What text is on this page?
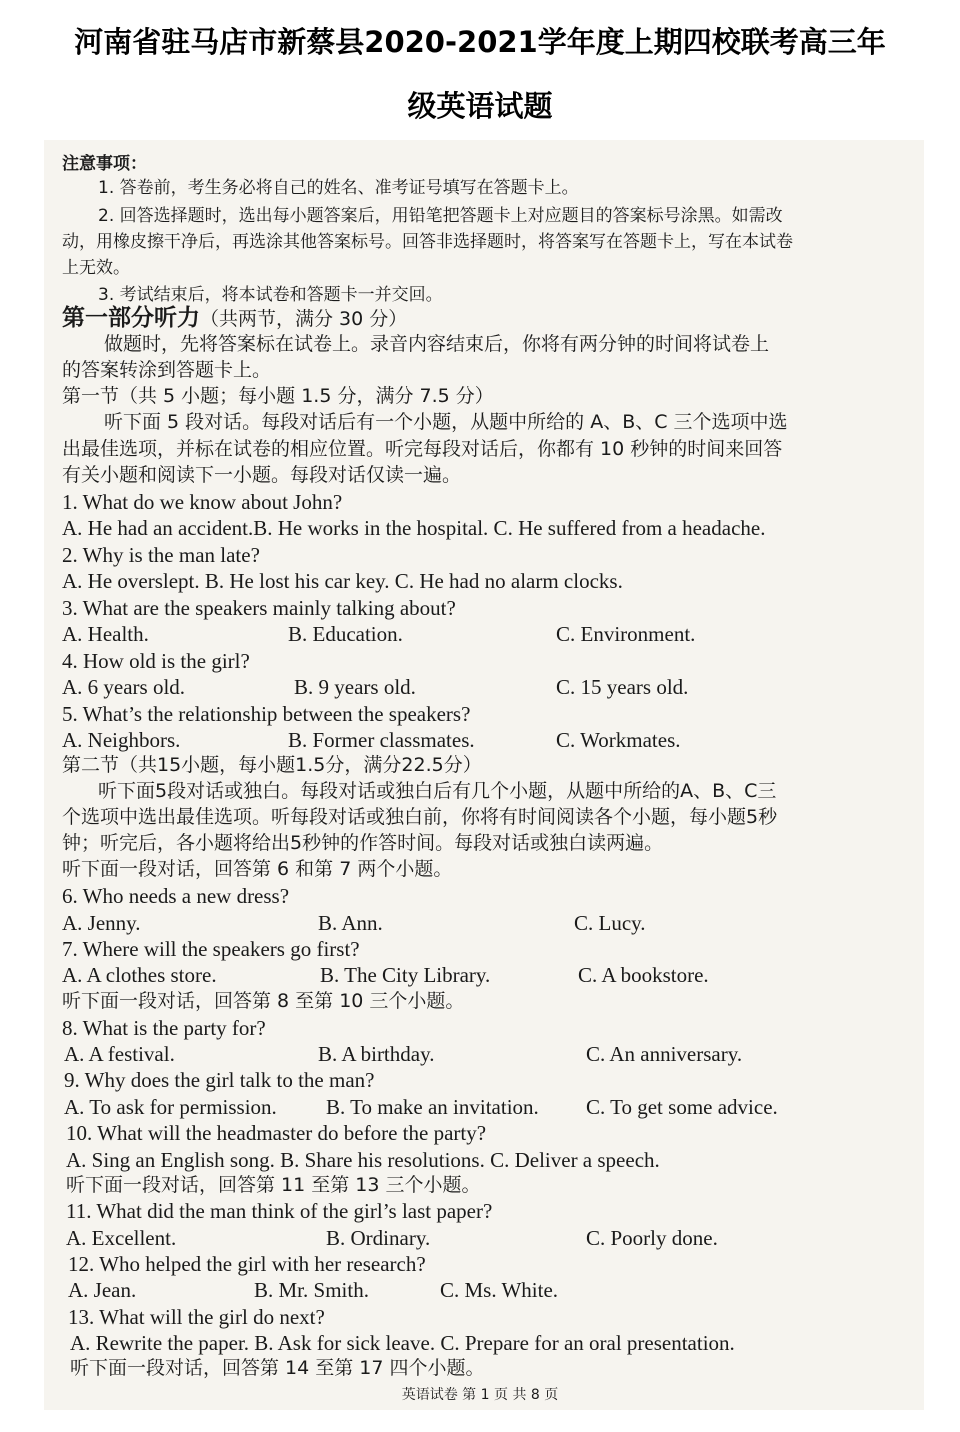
河南省驻马店市新蔡县2020-2021学年度上期四校联考高三年
级英语试题
注意事项：
1. 答卷前，考生务必将自己的姓名、准考证号填写在答题卡上。
2. 回答选择题时，选出每小题答案后，用铅笔把答题卡上对应题目的答案标号涂黑。如需改
动，用橡皮擦干净后，再选涂其他答案标号。回答非选择题时，将答案写在答题卡上，写在本试卷
上无效。
3. 考试结束后，将本试卷和答题卡一并交回。
第一部分听力（共两节，满分 30 分）
做题时，先将答案标在试卷上。录音内容结束后，你将有两分钟的时间将试卷上
的答案转涂到答题卡上。
第一节（共 5 小题；每小题 1.5 分，满分 7.5 分）
听下面 5 段对话。每段对话后有一个小题，从题中所给的 A、B、C 三个选项中选
出最佳选项，并标在试卷的相应位置。听完每段对话后，你都有 10 秒钟的时间来回答
有关小题和阅读下一小题。每段对话仅读一遍。
1. What do we know about John?
A. He had an accident.B. He works in the hospital. C. He suffered from a headache.
2. Why is the man late?
A. He overslept. B. He lost his car key. C. He had no alarm clocks.
3. What are the speakers mainly talking about?
A. Health.	B. Education.	C. Environment.
4. How old is the girl?
A. 6 years old.	B. 9 years old.	C. 15 years old.
5. What’s the relationship between the speakers?
A. Neighbors.	B. Former classmates.	C. Workmates.
第二节（共15小题，每小题1.5分，满分22.5分）
听下面5段对话或独白。每段对话或独白后有几个小题，从题中所给的A、B、C三
个选项中选出最佳选项。听每段对话或独白前，你将有时间阅读各个小题，每小题5秒
钟；听完后，各小题将给出5秒钟的作答时间。每段对话或独白读两遍。
听下面一段对话，回答第 6 和第 7 两个小题。
6. Who needs a new dress?
A. Jenny.	B. Ann.	C. Lucy.
7. Where will the speakers go first?
A. A clothes store.	B. The City Library.	C. A bookstore.
听下面一段对话，回答第 8 至第 10 三个小题。
8. What is the party for?
A. A festival.	B. A birthday.	C. An anniversary.
9. Why does the girl talk to the man?
A. To ask for permission. B. To make an invitation. C. To get some advice.
10. What will the headmaster do before the party?
A. Sing an English song. B. Share his resolutions. C. Deliver a speech.
听下面一段对话，回答第 11 至第 13 三个小题。
11. What did the man think of the girl’s last paper?
A. Excellent.	B. Ordinary.	C. Poorly done.
12. Who helped the girl with her research?
A. Jean.	B. Mr. Smith.	C. Ms. White.
13. What will the girl do next?
A. Rewrite the paper. B. Ask for sick leave. C. Prepare for an oral presentation.
听下面一段对话，回答第 14 至第 17 四个小题。
英语试卷 第 1 页 共 8 页
